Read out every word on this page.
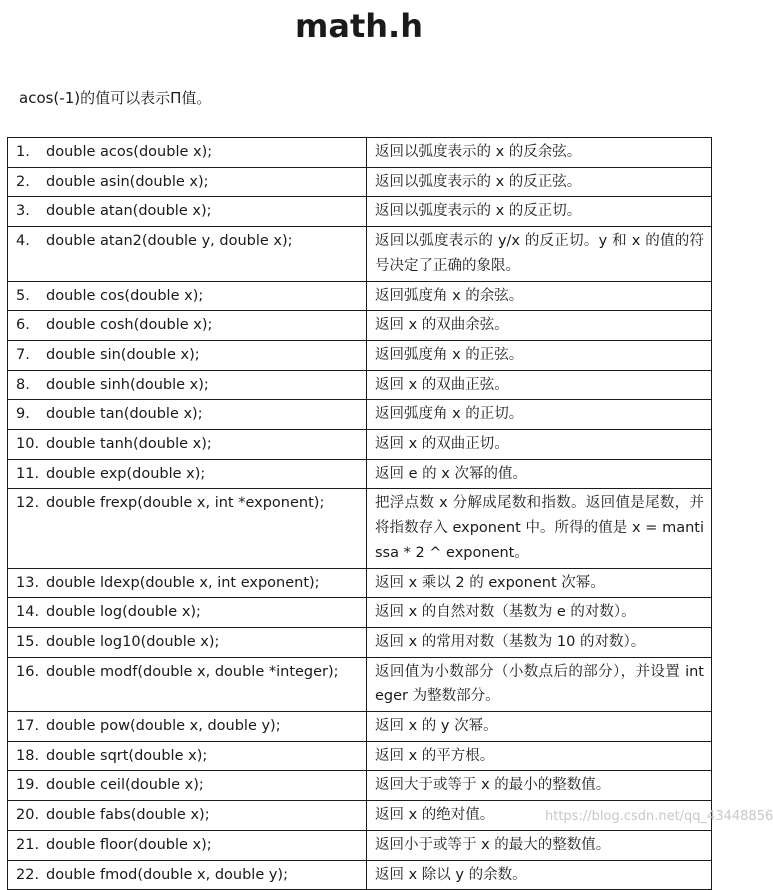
math.h

acos(-1)的值可以表示Π值。

1. double acos(double x);	返回以弧度表示的 x 的反余弦。
2. double asin(double x);	返回以弧度表示的 x 的反正弦。
3. double atan(double x);	返回以弧度表示的 x 的反正切。
4. double atan2(double y, double x);	返回以弧度表示的 y/x 的反正切。y 和 x 的值的符号决定了正确的象限。
5. double cos(double x);	返回弧度角 x 的余弦。
6. double cosh(double x);	返回 x 的双曲余弦。
7. double sin(double x);	返回弧度角 x 的正弦。
8. double sinh(double x);	返回 x 的双曲正弦。
9. double tan(double x);	返回弧度角 x 的正切。
10. double tanh(double x);	返回 x 的双曲正切。
11. double exp(double x);	返回 e 的 x 次幂的值。
12. double frexp(double x, int *exponent);	把浮点数 x 分解成尾数和指数。返回值是尾数，并将指数存入 exponent 中。所得的值是 x = mantissa * 2 ^ exponent。
13. double ldexp(double x, int exponent);	返回 x 乘以 2 的 exponent 次幂。
14. double log(double x);	返回 x 的自然对数（基数为 e 的对数）。
15. double log10(double x);	返回 x 的常用对数（基数为 10 的对数）。
16. double modf(double x, double *integer);	返回值为小数部分（小数点后的部分），并设置 integer 为整数部分。
17. double pow(double x, double y);	返回 x 的 y 次幂。
18. double sqrt(double x);	返回 x 的平方根。
19. double ceil(double x);	返回大于或等于 x 的最小的整数值。
20. double fabs(double x);	返回 x 的绝对值。
21. double floor(double x);	返回小于或等于 x 的最大的整数值。
22. double fmod(double x, double y);	返回 x 除以 y 的余数。

https://blog.csdn.net/qq_43448856
